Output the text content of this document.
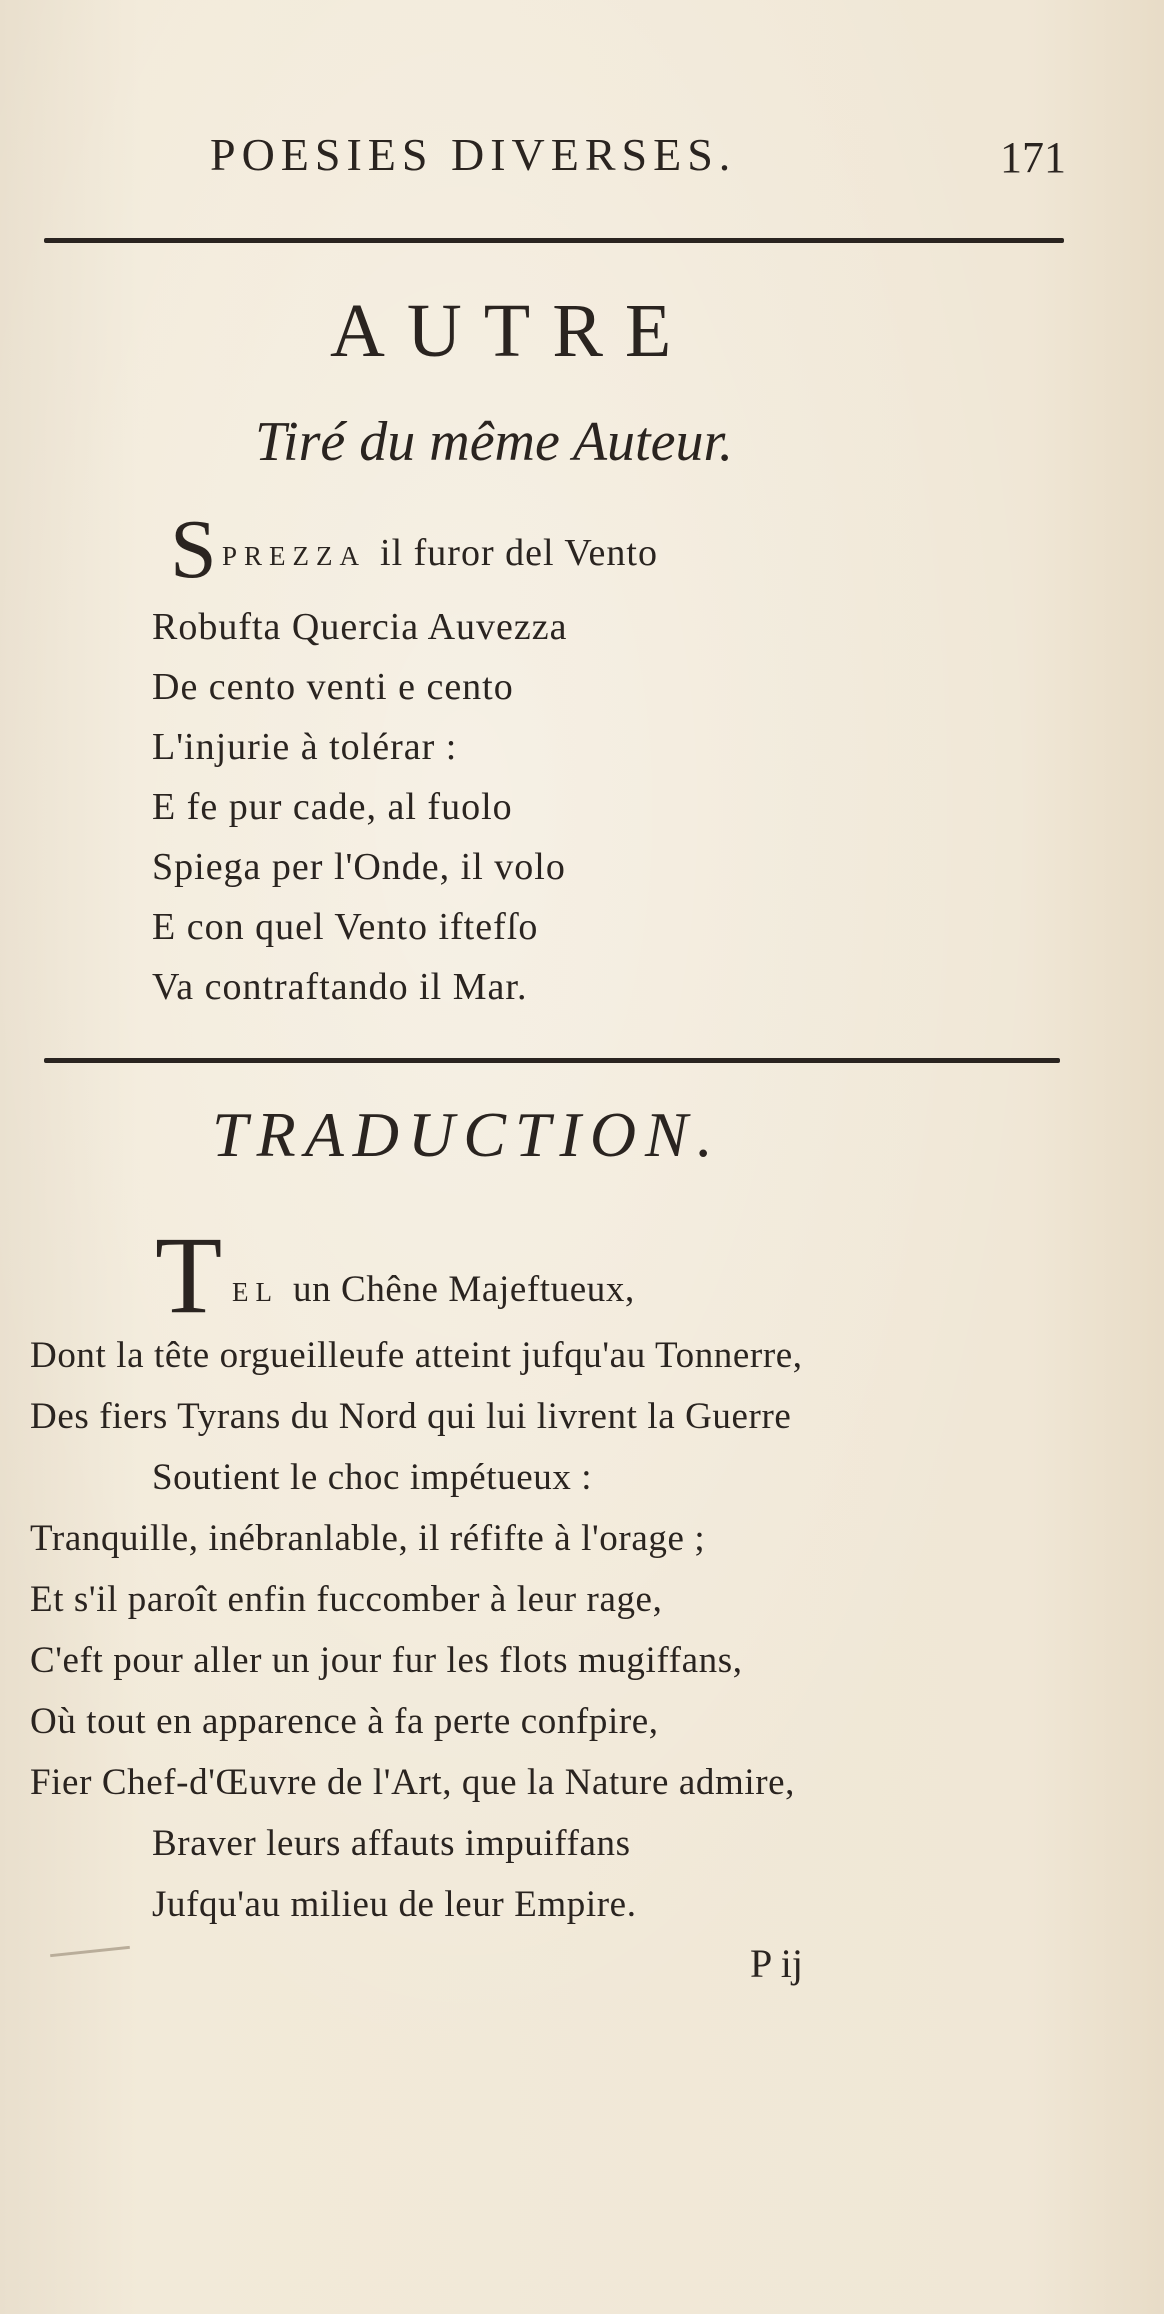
POESIES DIVERSES.	171
AUTRE
Tiré du même Auteur.
S PREZZA il furor del Vento
Robufta Quercia Auvezza
De cento venti e cento
L'injurie à tolérar :
E fe pur cade, al fuolo
Spiega per l'Onde, il volo
E con quel Vento iftefſo
Va contraftando il Mar.
TRADUCTION.
T EL un Chêne Majeftueux,
Dont la tête orgueilleufe atteint jufqu'au Tonnerre,
Des fiers Tyrans du Nord qui lui livrent la Guerre
Soutient le choc impétueux :
Tranquille, inébranlable, il réfifte à l'orage ;
Et s'il paroît enfin fuccomber à leur rage,
C'eft pour aller un jour fur les flots mugiffans,
Où tout en apparence à fa perte confpire,
Fier Chef-d'Œuvre de l'Art, que la Nature admire,
Braver leurs affauts impuiffans
Jufqu'au milieu de leur Empire.
P ij
